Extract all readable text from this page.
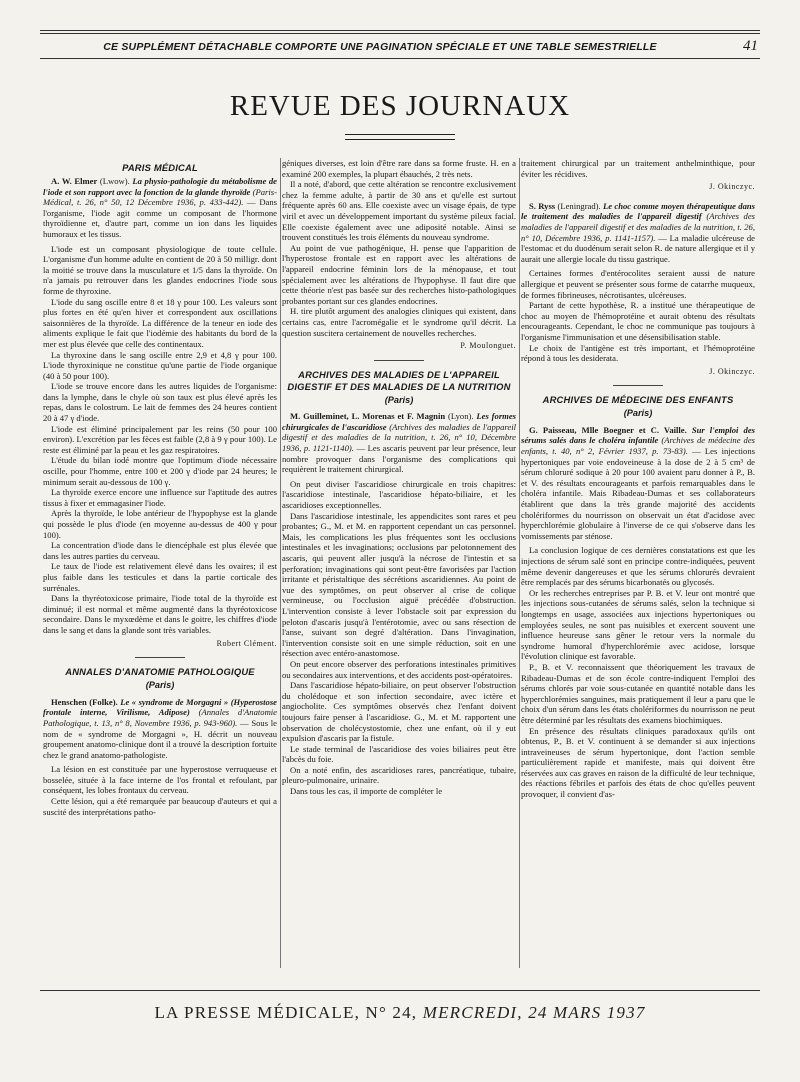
CE SUPPLÉMENT DÉTACHABLE COMPORTE UNE PAGINATION SPÉCIALE ET UNE TABLE SEMESTRIELLE	41
REVUE DES JOURNAUX
PARIS MÉDICAL
A. W. Elmer (Lwow). La physio-pathologie du métabolisme de l'iode et son rapport avec la fonction de la glande thyroïde (Paris-Médical, t. 26, n° 50, 12 Décembre 1936, p. 433-442). — Dans l'organisme, l'iode agit comme un composant de l'hormone thyroïdienne et, d'autre part, comme un ion dans les liquides humoraux et les tissus.
L'iode est un composant physiologique de toute cellule. L'organisme d'un homme adulte en contient de 20 à 50 milligr. dont la moitié se trouve dans la musculature et 1/5 dans la thyroïde. On n'a jamais pu retrouver dans les glandes endocrines l'iode sous forme de thyroxine.
L'iode du sang oscille entre 8 et 18 γ pour 100. Les valeurs sont plus fortes en été qu'en hiver et correspondent aux oscillations saisonnières de la thyroïde. La différence de la teneur en iode des aliments explique le fait que l'iodémie des habitants du bord de la mer est plus élevée que celle des continentaux.
La thyroxine dans le sang oscille entre 2,9 et 4,8 γ pour 100. L'iode thyroxinique ne constitue qu'une partie de l'iode organique (40 à 50 pour 100).
L'iode se trouve encore dans les autres liquides de l'organisme: dans la lymphe, dans le chyle où son taux est plus élevé après les repas, dans le colostrum. Le lait de femmes des 24 heures contient 20 à 47 γ d'iode.
L'iode est éliminé principalement par les reins (50 pour 100 environ). L'excrétion par les fèces est faible (2,8 à 9 γ pour 100). Le reste est éliminé par la peau et les gaz respiratoires.
L'étude du bilan iodé montre que l'optimum d'iode nécessaire oscille, pour l'homme, entre 100 et 200 γ d'iode par 24 heures; le minimum serait au-dessous de 100 γ.
La thyroïde exerce encore une influence sur l'aptitude des autres tissus à fixer et emmagasiner l'iode.
Après la thyroïde, le lobe antérieur de l'hypophyse est la glande qui possède le plus d'iode (en moyenne au-dessus de 400 γ pour 100).
La concentration d'iode dans le diencéphale est plus élevée que dans les autres parties du cerveau.
Le taux de l'iode est relativement élevé dans les ovaires; il est plus faible dans les testicules et dans la partie corticale des surrénales.
Dans la thyréotoxicose primaire, l'iode total de la thyroïde est diminué; il est normal et même augmenté dans la thyréotoxicose secondaire. Dans le myxœdème et dans le goitre, les chiffres d'iode dans le sang et dans la glande sont très variables.
Robert Clément.
ANNALES D'ANATOMIE PATHOLOGIQUE
(Paris)
Henschen (Folke). Le « syndrome de Morgagni » (Hyperostose frontale interne, Virilisme, Adipose) (Annales d'Anatomie Pathologique, t. 13, n° 8, Novembre 1936, p. 943-960). — Sous le nom de « syndrome de Morgagni », H. décrit un nouveau groupement anatomo-clinique dont il a trouvé la description fortuite chez le grand anatomo-pathologiste.
La lésion en est constituée par une hyperostose verruqueuse et bosselée, située à la face interne de l'os frontal et refoulant, par conséquent, les lobes frontaux du cerveau.
Cette lésion, qui a été remarquée par beaucoup d'auteurs et qui a suscité des interprétations patho-
géniques diverses, est loin d'être rare dans sa forme fruste. H. en a examiné 200 exemples, la plupart ébauchés, 2 très nets.
Il a noté, d'abord, que cette altération se rencontre exclusivement chez la femme adulte, à partir de 30 ans et qu'elle est surtout fréquente après 60 ans. Elle coexiste avec un visage épais, de type viril et avec un développement important du système pileux facial. Elle coexiste également avec une adiposité notable. Ainsi se trouvent constitués les trois éléments du nouveau syndrome.
Au point de vue pathogénique, H. pense que l'apparition de l'hyperostose frontale est en rapport avec les altérations de l'appareil endocrine féminin lors de la ménopause, et tout spécialement avec les altérations de l'hypophyse. Il faut dire que cette théorie n'est pas basée sur des recherches histo-pathologiques probantes portant sur ces glandes endocrines.
H. tire plutôt argument des analogies cliniques qui existent, dans certains cas, entre l'acromégalie et le syndrome qu'il décrit. La question suscitera certainement de nouvelles recherches.
P. Moulonguet.
ARCHIVES DES MALADIES DE L'APPAREIL DIGESTIF ET DES MALADIES DE LA NUTRITION
(Paris)
M. Guilleminet, L. Morenas et F. Magnin (Lyon). Les formes chirurgicales de l'ascaridiose (Archives des maladies de l'appareil digestif et des maladies de la nutrition, t. 26, n° 10, Décembre 1936, p. 1121-1140). — Les ascaris peuvent par leur présence, leur nombre provoquer dans l'organisme des complications qui requièrent le traitement chirurgical.
On peut diviser l'ascaridiose chirurgicale en trois chapitres: l'ascaridiose intestinale, l'ascaridiose hépato-biliaire, et les ascaridioses exceptionnelles.
Dans l'ascaridiose intestinale, les appendicites sont rares et peu probantes; G., M. et M. en rapportent cependant un cas personnel. Mais, les complications les plus fréquentes sont les occlusions intestinales et les invaginations; occlusions par pelotonnement des ascaris, qui peuvent aller jusqu'à la nécrose de l'intestin et sa perforation; invaginations qui sont peut-être favorisées par l'action irritante et péristaltique des sécrétions ascaridiennes. Au point de vue des symptômes, on peut observer al crise de colique vermineuse, ou l'occlusion aiguë précédée d'obstruction. L'intervention consiste à lever l'obstacle soit par expression du peloton d'ascaris jusqu'à l'entérotomie, avec ou sans résection de l'anse, suivant son degré d'altération. Dans l'invagination, l'intervention consiste soit en une simple réduction, soit en une résection avec entéro-anastomose.
On peut encore observer des perforations intestinales primitives ou secondaires aux interventions, et des accidents post-opératoires.
Dans l'ascaridiose hépato-biliaire, on peut observer l'obstruction du cholédoque et son infection secondaire, avec ictère et angiocholite. Ces symptômes observés chez l'enfant doivent toujours faire penser à l'ascaridiose. G., M. et M. rapportent une observation de cholécystostomie, chez une enfant, où il y eut expulsion d'ascaris par la fistule.
Le stade terminal de l'ascaridiose des voies biliaires peut être l'abcès du foie.
On a noté enfin, des ascaridioses rares, pancréatique, tubaire, pleuro-pulmonaire, urinaire.
Dans tous les cas, il importe de compléter le
traitement chirurgical par un traitement anthelminthique, pour éviter les récidives.
J. Okinczyc.
S. Ryss (Leningrad). Le choc comme moyen thérapeutique dans le traitement des maladies de l'appareil digestif (Archives des maladies de l'appareil digestif et des maladies de la nutrition, t. 26, n° 10, Décembre 1936, p. 1141-1157). — La maladie ulcéreuse de l'estomac et du duodénum serait selon R. de nature allergique et il y aurait une allergie locale du tissu gastrique.
Certaines formes d'entérocolites seraient aussi de nature allergique et peuvent se présenter sous forme de catarrhe muqueux, de formes fibrineuses, nécrotisantes, ulcéreuses.
Partant de cette hypothèse, R. a institué une thérapeutique de choc au moyen de l'hémoprotéine et aurait obtenu des résultats encourageants. Cependant, le choc ne communique pas toujours à l'organisme l'immunisation et une désensibilisation stable.
Le choix de l'antigène est très important, et l'hémoprotéine répond à tous les desiderata.
J. Okinczyc.
ARCHIVES DE MÉDECINE DES ENFANTS
(Paris)
G. Paisseau, Mlle Boegner et C. Vaille. Sur l'emploi des sérums salés dans le choléra infantile (Archives de médecine des enfants, t. 40, n° 2, Février 1937, p. 73-83). — Les injections hypertoniques par voie endoveineuse à la dose de 2 à 5 cm³ de sérum chloruré sodique à 20 pour 100 avaient paru donner à P., B. et V. des résultats encourageants et parfois remarquables dans le choléra infantile. Mais Ribadeau-Dumas et ses collaborateurs établirent que dans la très grande majorité des accidents cholériformes du nourrisson on observait un état d'acidose avec hyperchlorémie globulaire à l'inverse de ce qui s'observe dans les vomissements par sténose.
La conclusion logique de ces dernières constatations est que les injections de sérum salé sont en principe contre-indiquées, peuvent même devenir dangereuses et que les sérums chlorurés devraient être remplacés par des sérums bicarbonatés ou glycosés.
Or les recherches entreprises par P. B. et V. leur ont montré que les injections sous-cutanées de sérums salés, selon la technique si longtemps en usage, associées aux injections hypertoniques ou employées seules, ne sont pas nuisibles et exercent souvent une influence heureuse sans gêner le retour vers la normale du syndrome humoral d'hyperchlorémie avec acidose, lorsque l'évolution clinique est favorable.
P., B. et V. reconnaissent que théoriquement les travaux de Ribadeau-Dumas et de son école contre-indiquent l'emploi des sérums chlorés par voie sous-cutanée en quantité notable dans les hyperchlorémies sanguines, mais pratiquement il leur a paru que le choix d'un sérum dans les états cholériformes du nourrisson ne peut être déterminé par les résultats des examens biochimiques.
En présence des résultats cliniques paradoxaux qu'ils ont obtenus, P., B. et V. continuent à se demander si aux injections intraveineuses de sérum hypertonique, dont l'action semble particulièrement rapide et manifeste, mais qui doivent être réservées aux cas graves en raison de la difficulté de leur technique, des réactions fébriles et parfois des états de choc qu'elles peuvent provoquer, il convient d'as-
LA PRESSE MÉDICALE, N° 24, MERCREDI, 24 MARS 1937
